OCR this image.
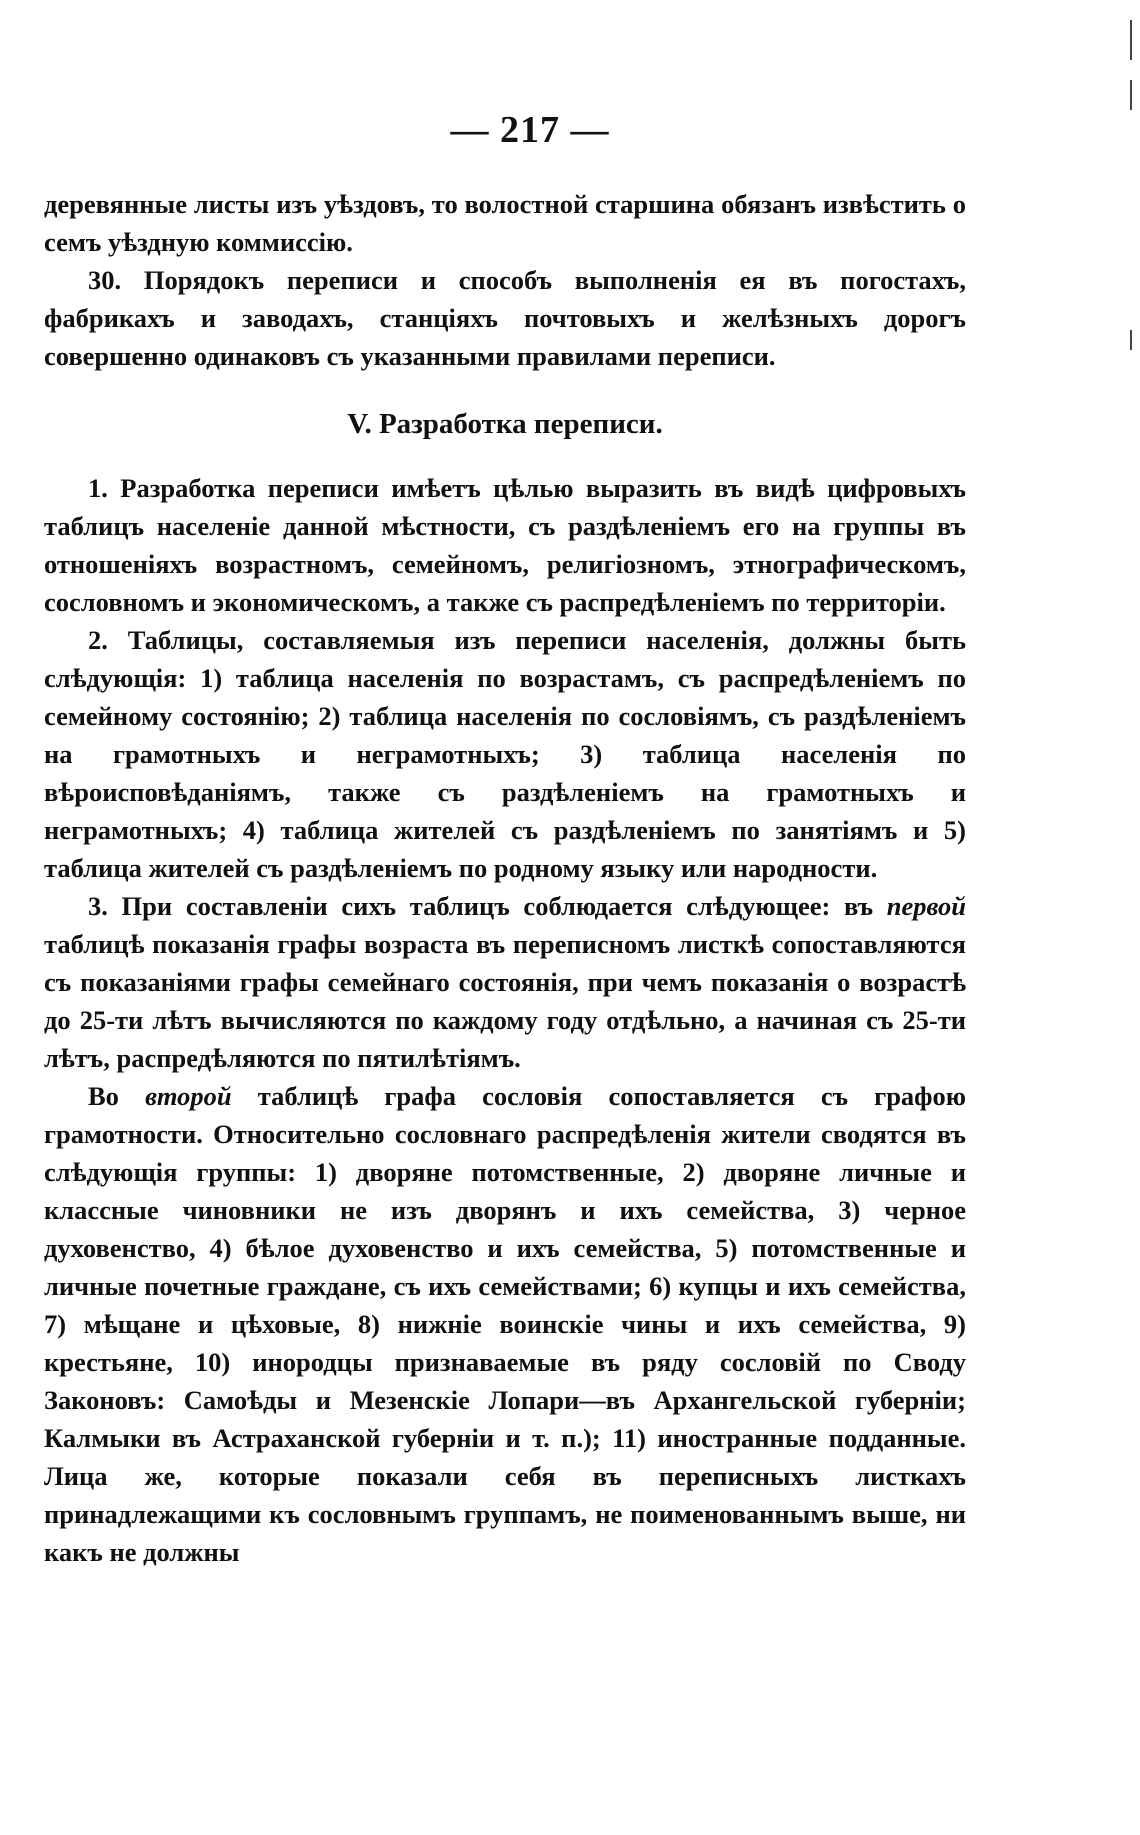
— 217 —

деревянные листы изъ уѣздовъ, то волостной старшина обязанъ извѣстить о семъ уѣздную коммиссію.

30. Порядокъ переписи и способъ выполненія ея въ погостахъ, фабрикахъ и заводахъ, станціяхъ почтовыхъ и желѣзныхъ дорогъ совершенно одинаковъ съ указанными правилами переписи.

V. Разработка переписи.

1. Разработка переписи имѣетъ цѣлью выразить въ видѣ цифровыхъ таблицъ населеніе данной мѣстности, съ раздѣленіемъ его на группы въ отношеніяхъ возрастномъ, семейномъ, религіозномъ, этнографическомъ, сословномъ и экономическомъ, а также съ распредѣленіемъ по территоріи.

2. Таблицы, составляемыя изъ переписи населенія, должны быть слѣдующія: 1) таблица населенія по возрастамъ, съ распредѣленіемъ по семейному состоянію; 2) таблица населенія по сословіямъ, съ раздѣленіемъ на грамотныхъ и неграмотныхъ; 3) таблица населенія по вѣроисповѣданіямъ, также съ раздѣленіемъ на грамотныхъ и неграмотныхъ; 4) таблица жителей съ раздѣленіемъ по занятіямъ и 5) таблица жителей съ раздѣленіемъ по родному языку или народности.

3. При составленіи сихъ таблицъ соблюдается слѣдующее: въ первой таблицѣ показанія графы возраста въ переписномъ листкѣ сопоставляются съ показаніями графы семейнаго состоянія, при чемъ показанія о возрастѣ до 25-ти лѣтъ вычисляются по каждому году отдѣльно, а начиная съ 25-ти лѣтъ, распредѣляются по пятилѣтіямъ.

Во второй таблицѣ графа сословія сопоставляется съ графою грамотности. Относительно сословнаго распредѣленія жители сводятся въ слѣдующія группы: 1) дворяне потомственные, 2) дворяне личные и классные чиновники не изъ дворянъ и ихъ семейства, 3) черное духовенство, 4) бѣлое духовенство и ихъ семейства, 5) потомственные и личные почетные граждане, съ ихъ семействами; 6) купцы и ихъ семейства, 7) мѣщане и цѣховые, 8) нижніе воинскіе чины и ихъ семейства, 9) крестьяне, 10) инородцы признаваемые въ ряду сословій по Своду Законовъ: Самоѣды и Мезенскіе Лопари—въ Архангельской губерніи; Калмыки въ Астраханской губерніи и т. п.); 11) иностранные подданные. Лица же, которые показали себя въ переписныхъ листкахъ принадлежащими къ сословнымъ группамъ, не поименованнымъ выше, ни какъ не должны
